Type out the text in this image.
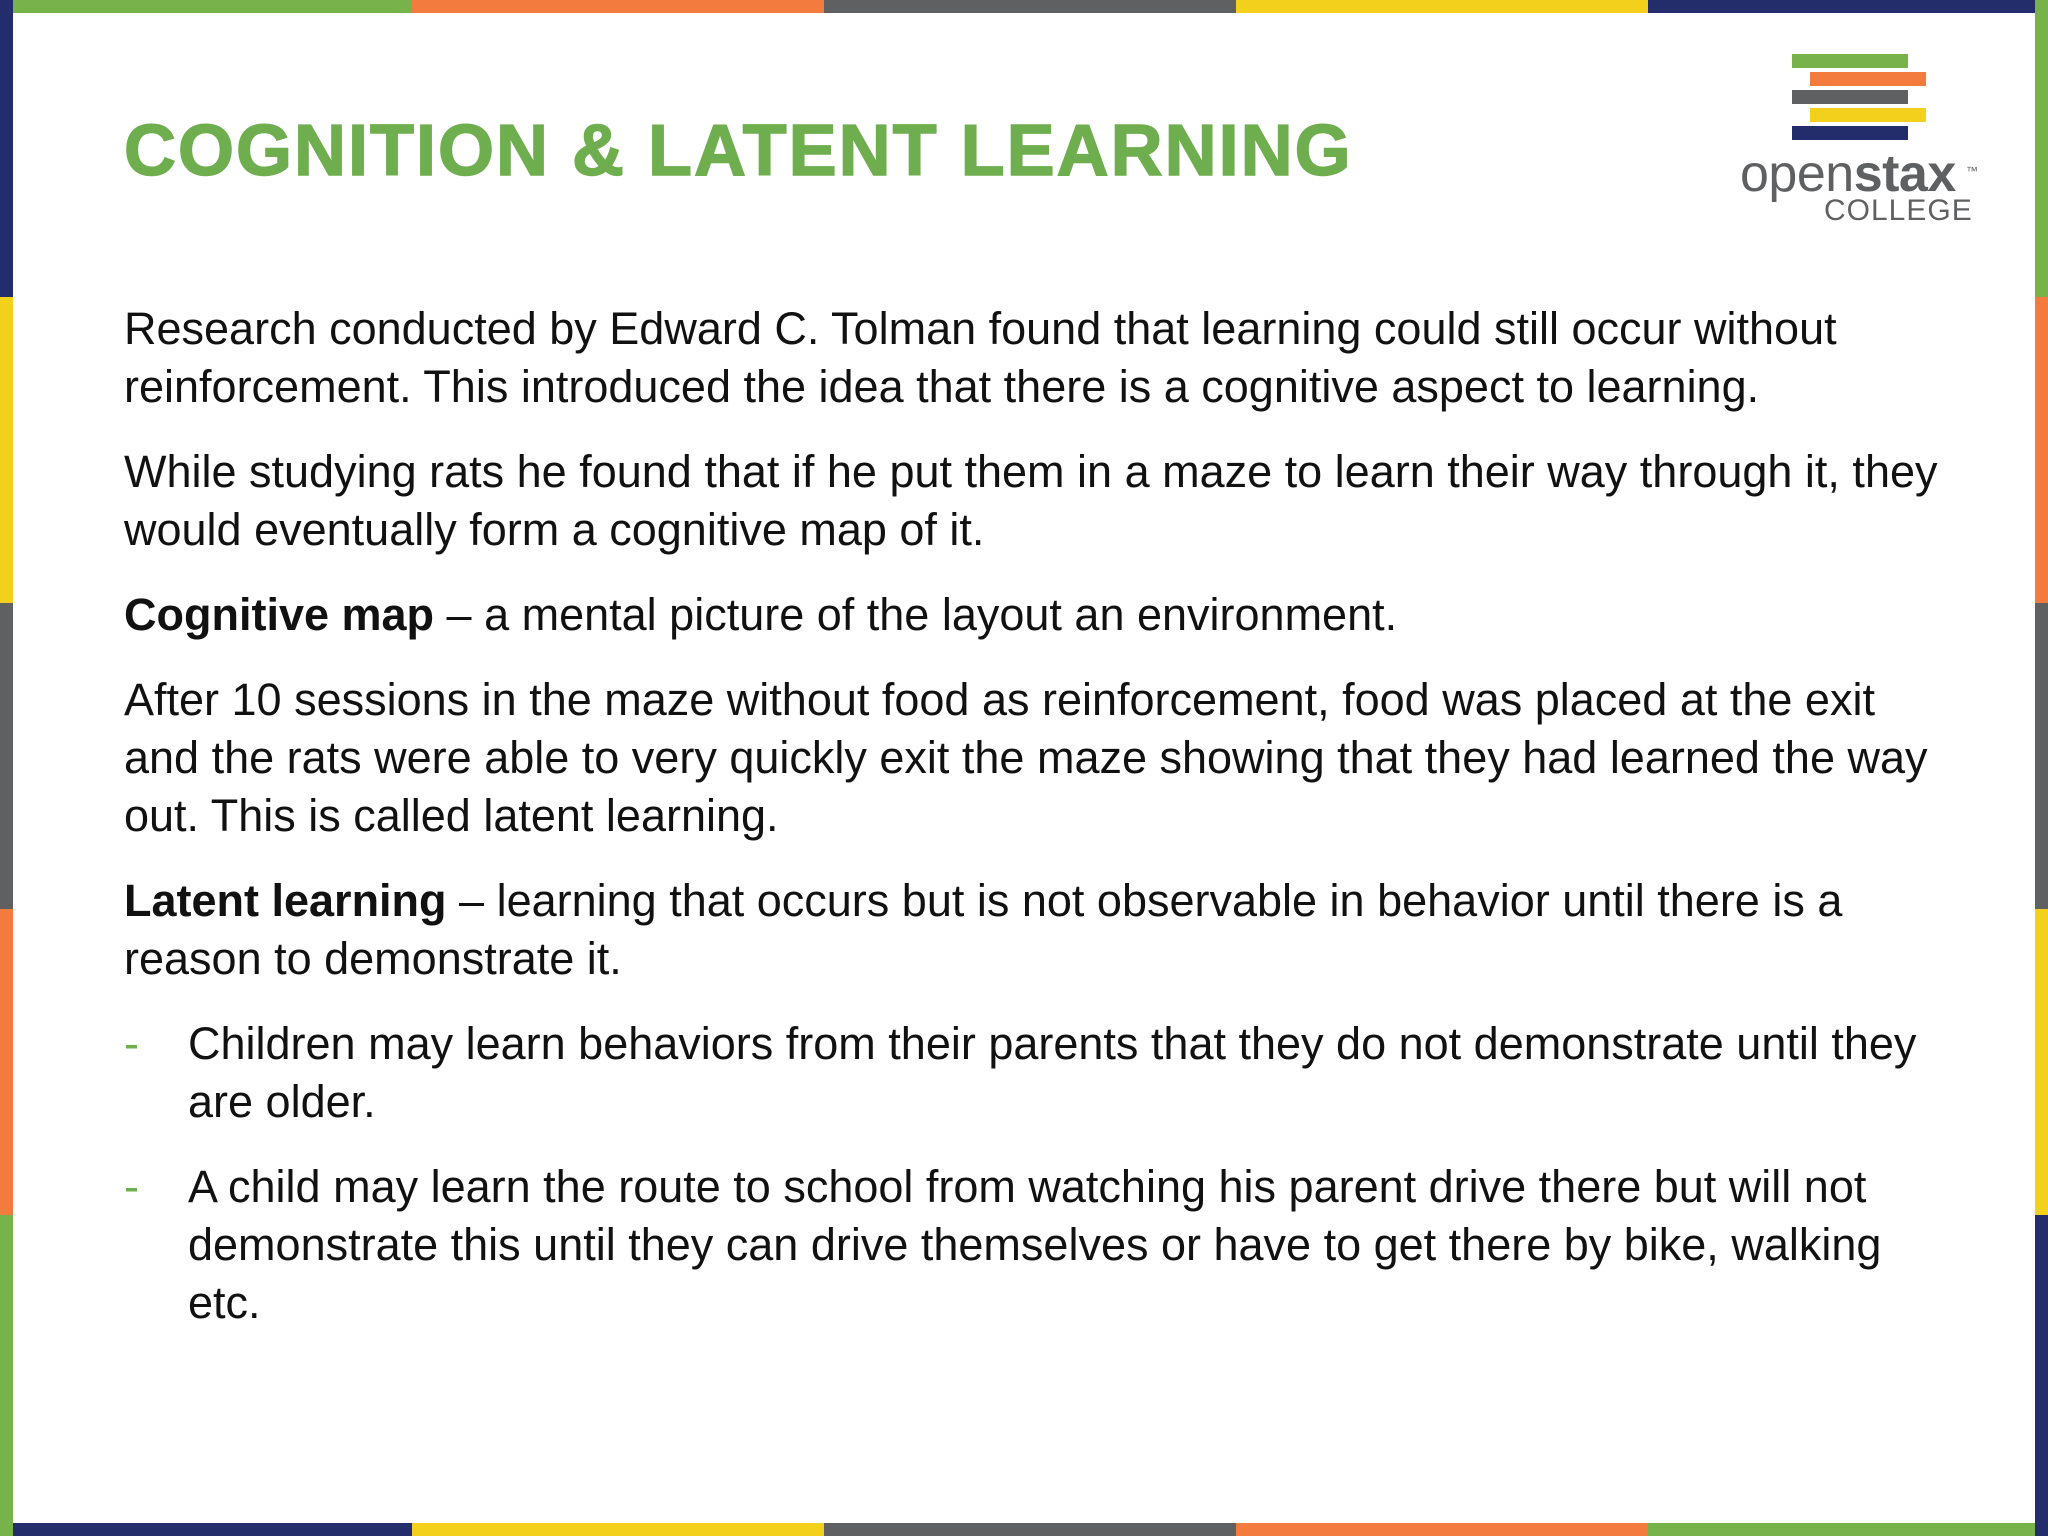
COGNITION & LATENT LEARNING	openstax ™
COLLEGE

Research conducted by Edward C. Tolman found that learning could still occur without reinforcement. This introduced the idea that there is a cognitive aspect to learning.

While studying rats he found that if he put them in a maze to learn their way through it, they would eventually form a cognitive map of it.

Cognitive map – a mental picture of the layout an environment.

After 10 sessions in the maze without food as reinforcement, food was placed at the exit and the rats were able to very quickly exit the maze showing that they had learned the way out. This is called latent learning.

Latent learning – learning that occurs but is not observable in behavior until there is a reason to demonstrate it.

- Children may learn behaviors from their parents that they do not demonstrate until they are older.
- A child may learn the route to school from watching his parent drive there but will not demonstrate this until they can drive themselves or have to get there by bike, walking etc.
